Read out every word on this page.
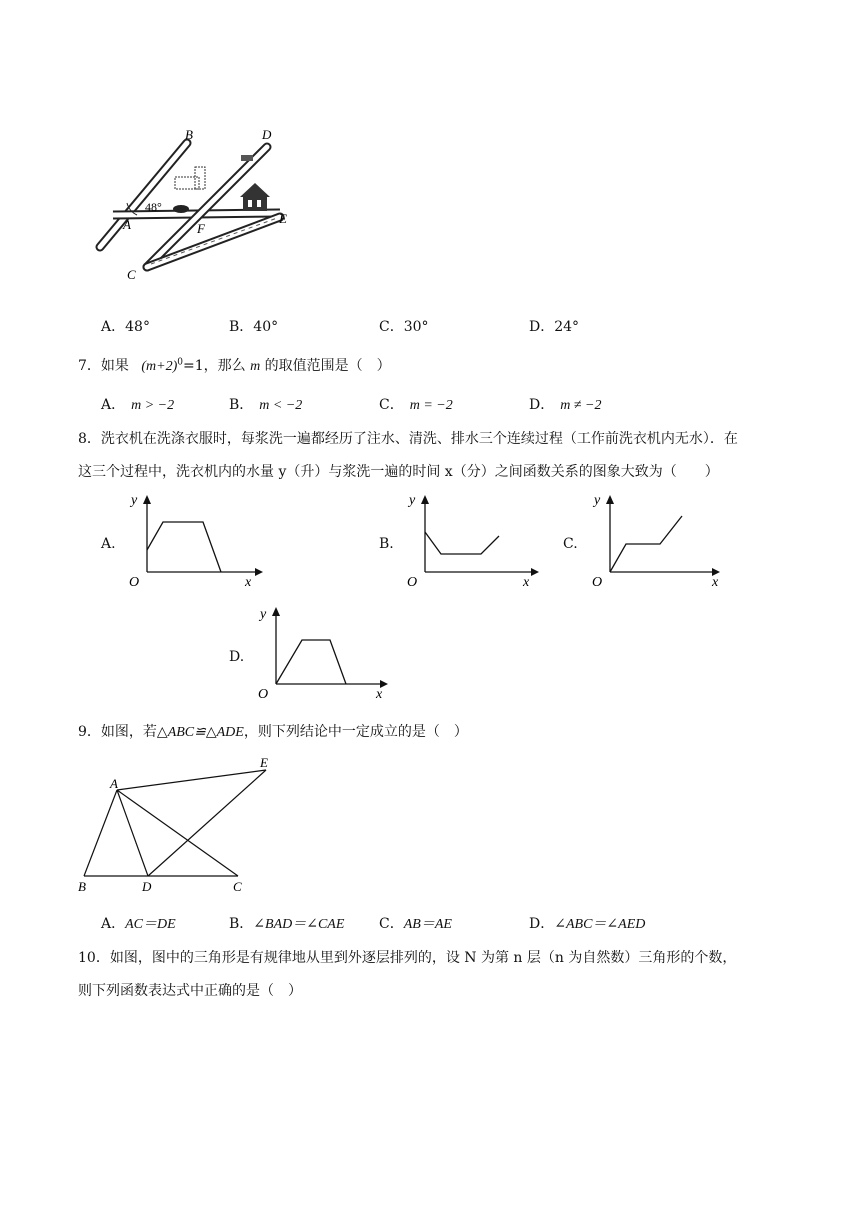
B	D
48°
A	F
E
C
A．48°	B．40°	C．30°	D．24°
7．如果 $(m+2)^0=1$，那么 m 的取值范围是（　）
A． m > −2	B． m < −2	C． m = −2	D． m ≠ −2
8．洗衣机在洗涤衣服时，每浆洗一遍都经历了注水、清洗、排水三个连续过程（工作前洗衣机内无水）．在
这三个过程中，洗衣机内的水量 y（升）与浆洗一遍的时间 x（分）之间函数关系的图象大致为（　　）
A.
y
x
O
B.
y
x
O
C.
y
x
O
D.
y
x
O
9．如图，若△ABC≌△ADE，则下列结论中一定成立的是（　）
A
E
B	D	C
A．AC＝DE	B．∠BAD＝∠CAE C．AB＝AE	D．∠ABC＝∠AED
10．如图，图中的三角形是有规律地从里到外逐层排列的，设 N 为第 n 层（n 为自然数）三角形的个数，
则下列函数表达式中正确的是（　）
